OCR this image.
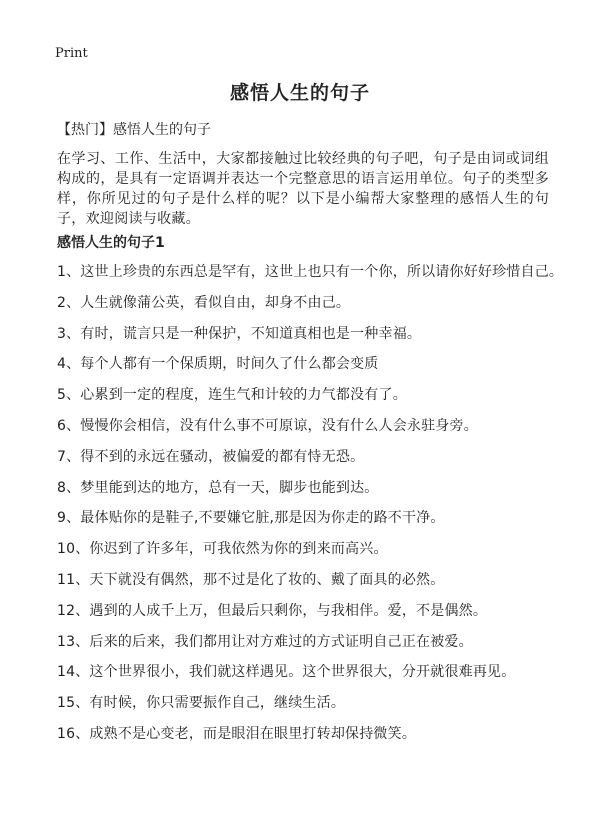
Print
感悟人生的句子

【热门】感悟人生的句子

在学习、工作、生活中，大家都接触过比较经典的句子吧，句子是由词或词组构成的，是具有一定语调并表达一个完整意思的语言运用单位。句子的类型多样，你所见过的句子是什么样的呢？以下是小编帮大家整理的感悟人生的句子，欢迎阅读与收藏。

感悟人生的句子1
1、这世上珍贵的东西总是罕有，这世上也只有一个你，所以请你好好珍惜自己。
2、人生就像蒲公英，看似自由，却身不由己。
3、有时，谎言只是一种保护，不知道真相也是一种幸福。
4、每个人都有一个保质期，时间久了什么都会变质
5、心累到一定的程度，连生气和计较的力气都没有了。
6、慢慢你会相信，没有什么事不可原谅，没有什么人会永驻身旁。
7、得不到的永远在骚动，被偏爱的都有恃无恐。
8、梦里能到达的地方，总有一天，脚步也能到达。
9、最体贴你的是鞋子,不要嫌它脏,那是因为你走的路不干净。
10、你迟到了许多年，可我依然为你的到来而高兴。
11、天下就没有偶然，那不过是化了妆的、戴了面具的必然。
12、遇到的人成千上万，但最后只剩你，与我相伴。爱，不是偶然。
13、后来的后来，我们都用让对方难过的方式证明自己正在被爱。
14、这个世界很小，我们就这样遇见。这个世界很大，分开就很难再见。
15、有时候，你只需要振作自己，继续生活。
16、成熟不是心变老，而是眼泪在眼里打转却保持微笑。
